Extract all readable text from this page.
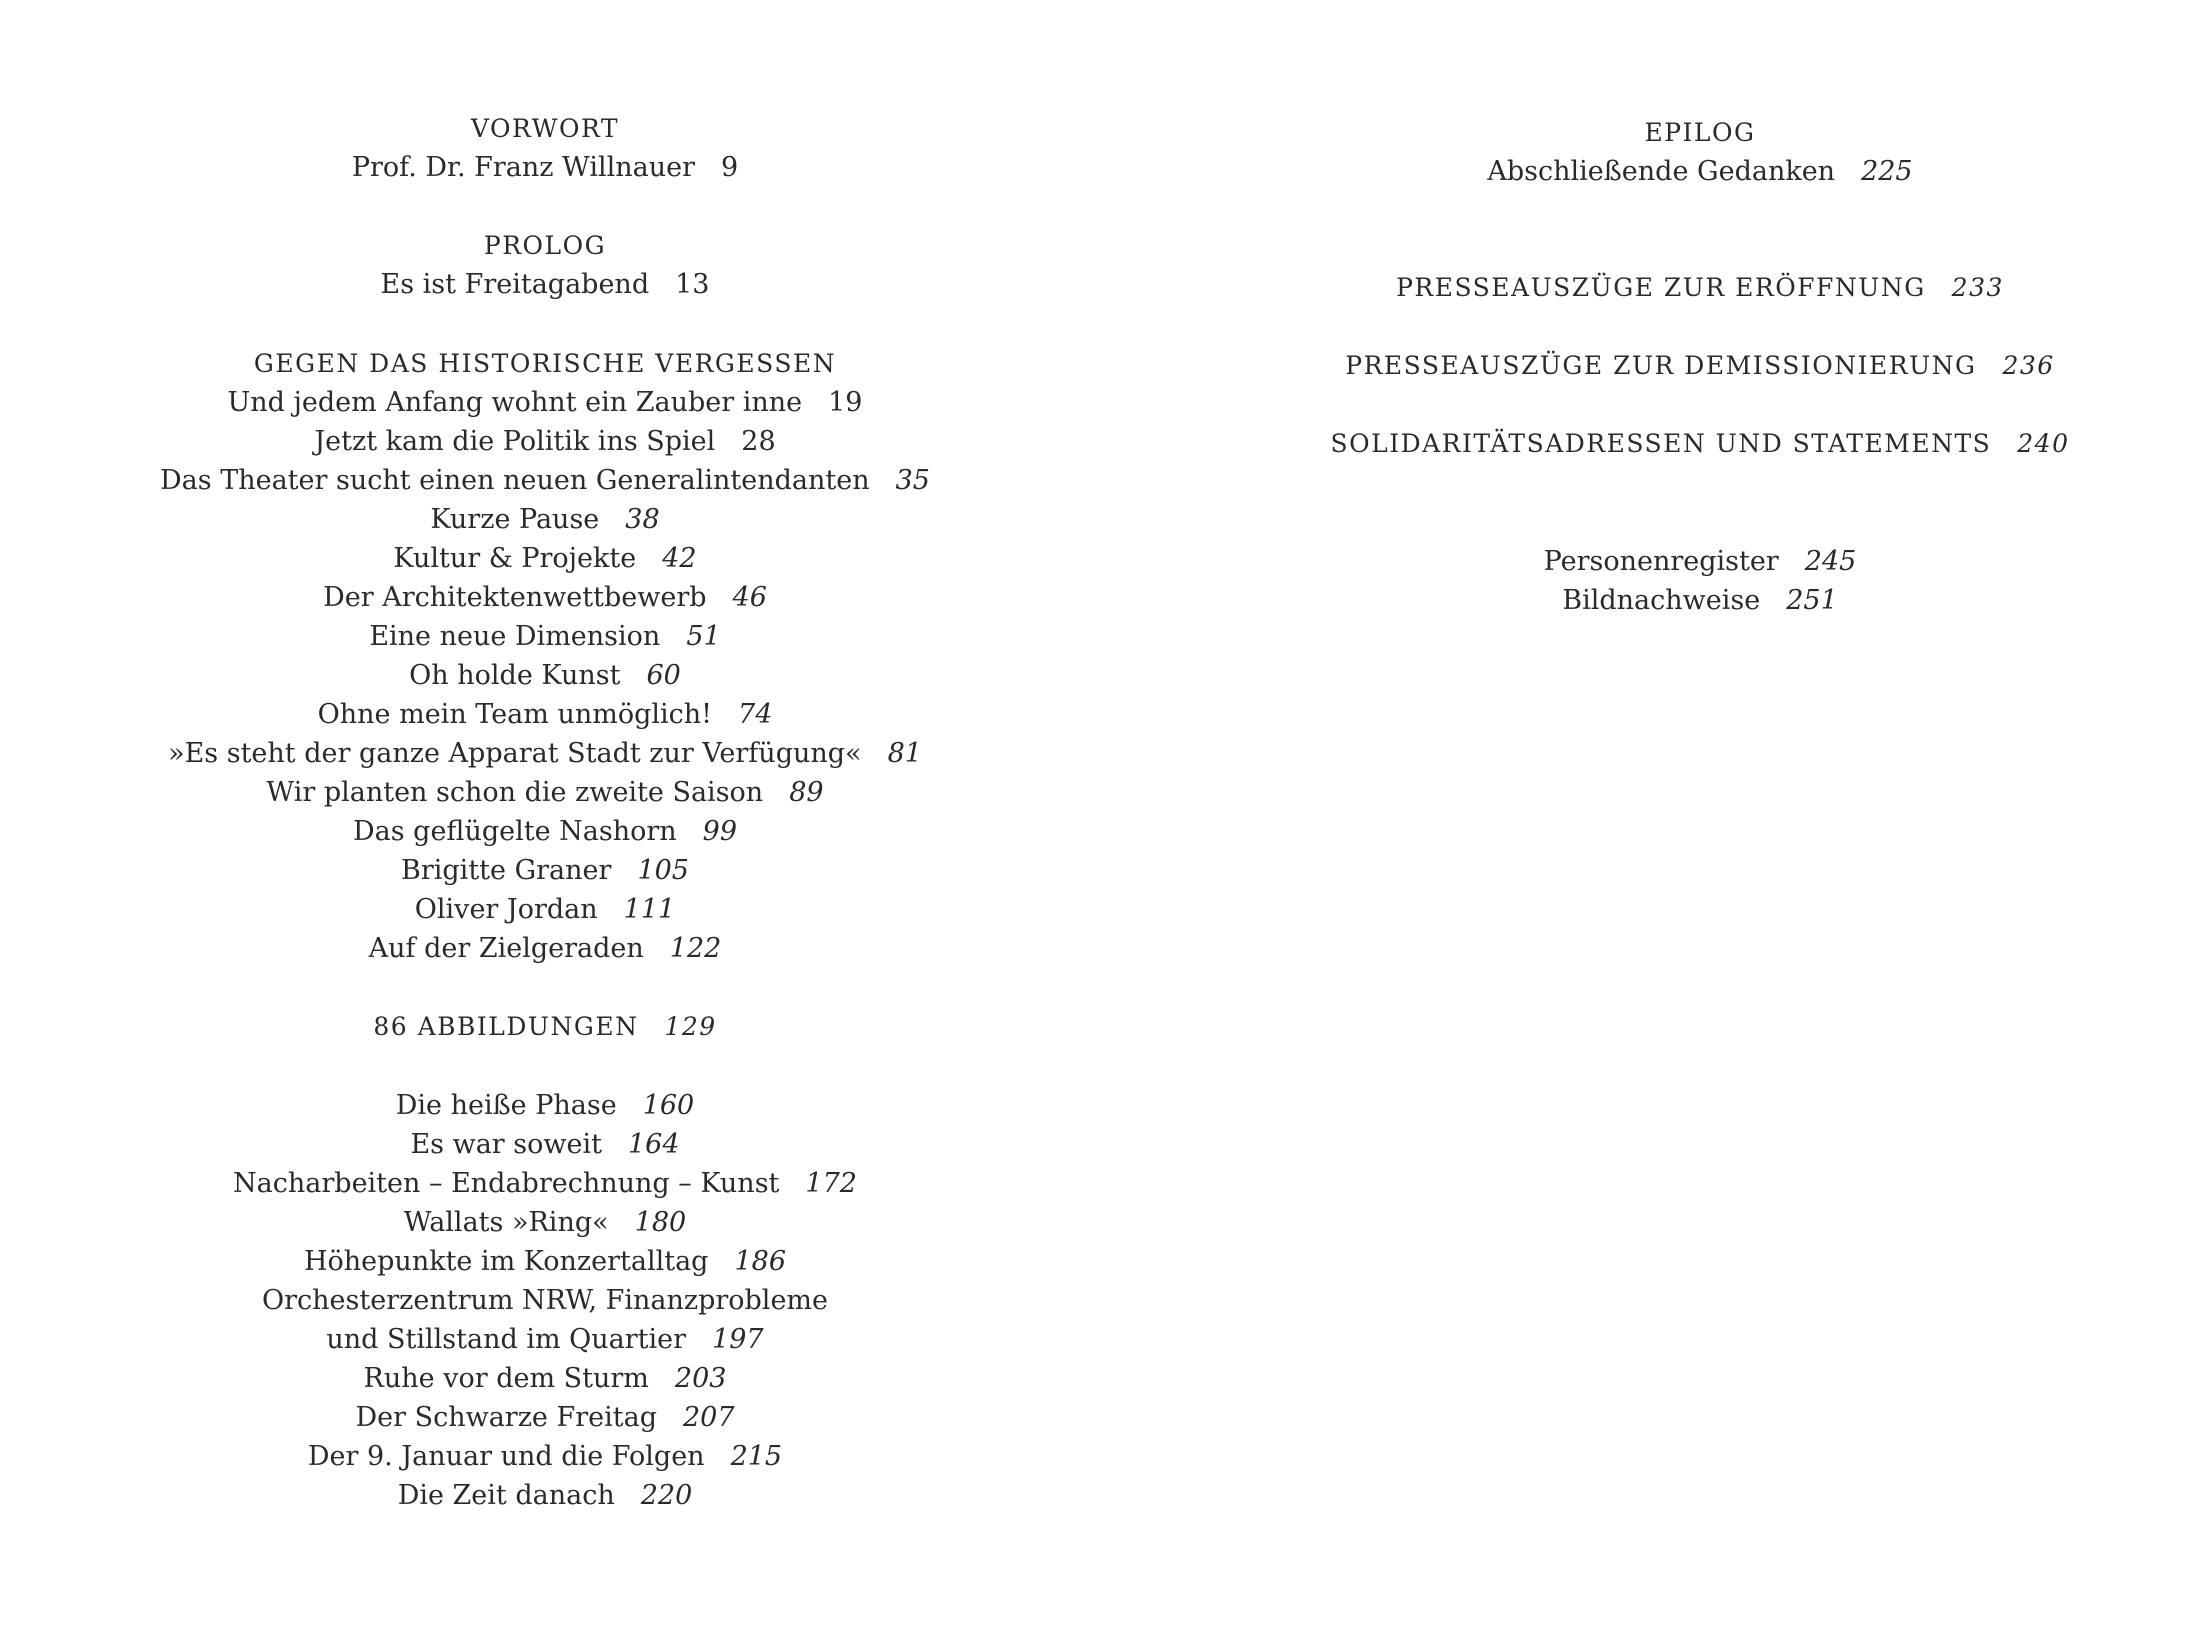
VORWORT
Prof. Dr. Franz Willnauer 9
PROLOG
Es ist Freitagabend 13
GEGEN DAS HISTORISCHE VERGESSEN
Und jedem Anfang wohnt ein Zauber inne 19
Jetzt kam die Politik ins Spiel 28
Das Theater sucht einen neuen Generalintendanten 35
Kurze Pause 38
Kultur & Projekte 42
Der Architektenwettbewerb 46
Eine neue Dimension 51
Oh holde Kunst 60
Ohne mein Team unmöglich! 74
»Es steht der ganze Apparat Stadt zur Verfügung« 81
Wir planten schon die zweite Saison 89
Das geflügelte Nashorn 99
Brigitte Graner 105
Oliver Jordan 111
Auf der Zielgeraden 122
86 ABBILDUNGEN 129
Die heiße Phase 160
Es war soweit 164
Nacharbeiten – Endabrechnung – Kunst 172
Wallats »Ring« 180
Höhepunkte im Konzertalltag 186
Orchesterzentrum NRW, Finanzprobleme
und Stillstand im Quartier 197
Ruhe vor dem Sturm 203
Der Schwarze Freitag 207
Der 9. Januar und die Folgen 215
Die Zeit danach 220
EPILOG
Abschließende Gedanken 225
PRESSEAUSZÜGE ZUR ERÖFFNUNG 233
PRESSEAUSZÜGE ZUR DEMISSIONIERUNG 236
SOLIDARITÄTSADRESSEN UND STATEMENTS 240
Personenregister 245
Bildnachweise 251
